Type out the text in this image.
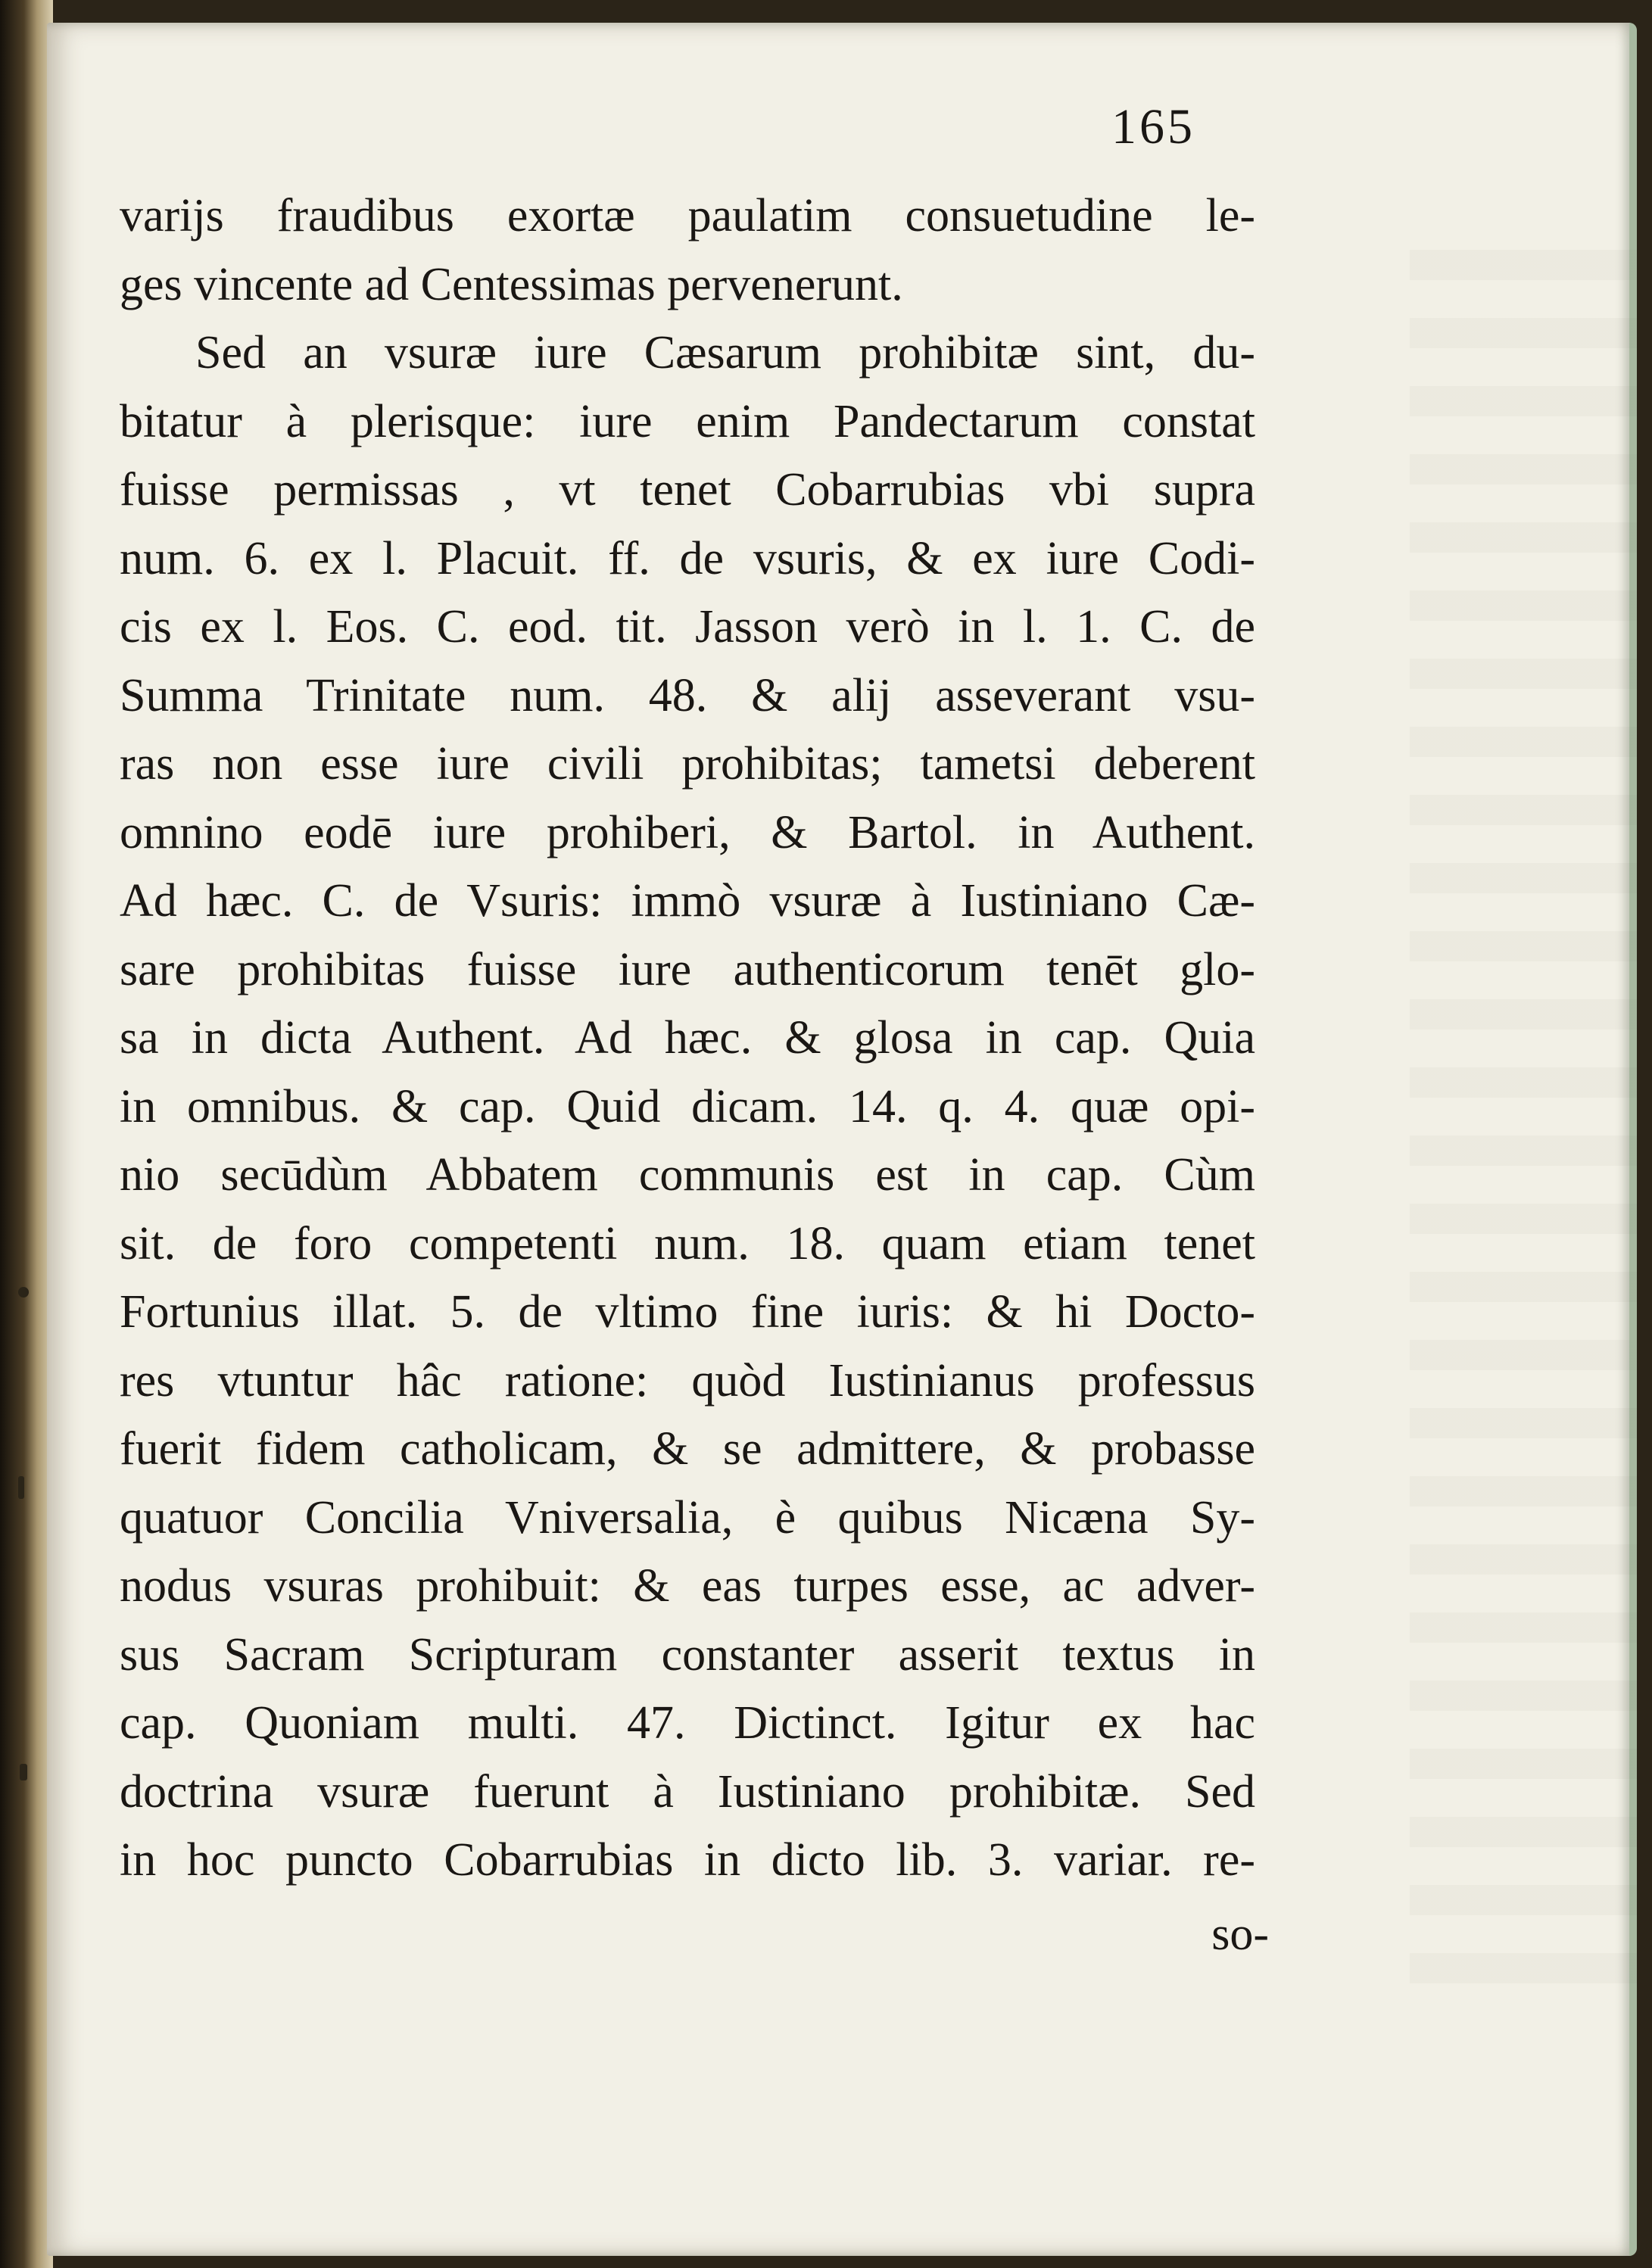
165
varijs fraudibus exortæ paulatim consuetudine le-
ges vincente ad Centessimas pervenerunt.
Sed an vsuræ iure Cæsarum prohibitæ sint, du-
bitatur à plerisque: iure enim Pandectarum constat
fuisse permissas , vt tenet Cobarrubias vbi supra
num. 6. ex l. Placuit. ff. de vsuris, & ex iure Codi-
cis ex l. Eos. C. eod. tit. Jasson verò in l. 1. C. de
Summa Trinitate num. 48. & alij asseverant vsu-
ras non esse iure civili prohibitas; tametsi deberent
omnino eodē iure prohiberi, & Bartol. in Authent.
Ad hæc. C. de Vsuris: immò vsuræ à Iustiniano Cæ-
sare prohibitas fuisse iure authenticorum tenēt glo-
sa in dicta Authent. Ad hæc. & glosa in cap. Quia
in omnibus. & cap. Quid dicam. 14. q. 4. quæ opi-
nio secūdùm Abbatem communis est in cap. Cùm
sit. de foro competenti num. 18. quam etiam tenet
Fortunius illat. 5. de vltimo fine iuris: & hi Docto-
res vtuntur hâc ratione: quòd Iustinianus professus
fuerit fidem catholicam, & se admittere, & probasse
quatuor Concilia Vniversalia, è quibus Nicæna Sy-
nodus vsuras prohibuit: & eas turpes esse, ac adver-
sus Sacram Scripturam constanter asserit textus in
cap. Quoniam multi. 47. Dictinct. Igitur ex hac
doctrina vsuræ fuerunt à Iustiniano prohibitæ. Sed
in hoc puncto Cobarrubias in dicto lib. 3. variar. re-
so-
